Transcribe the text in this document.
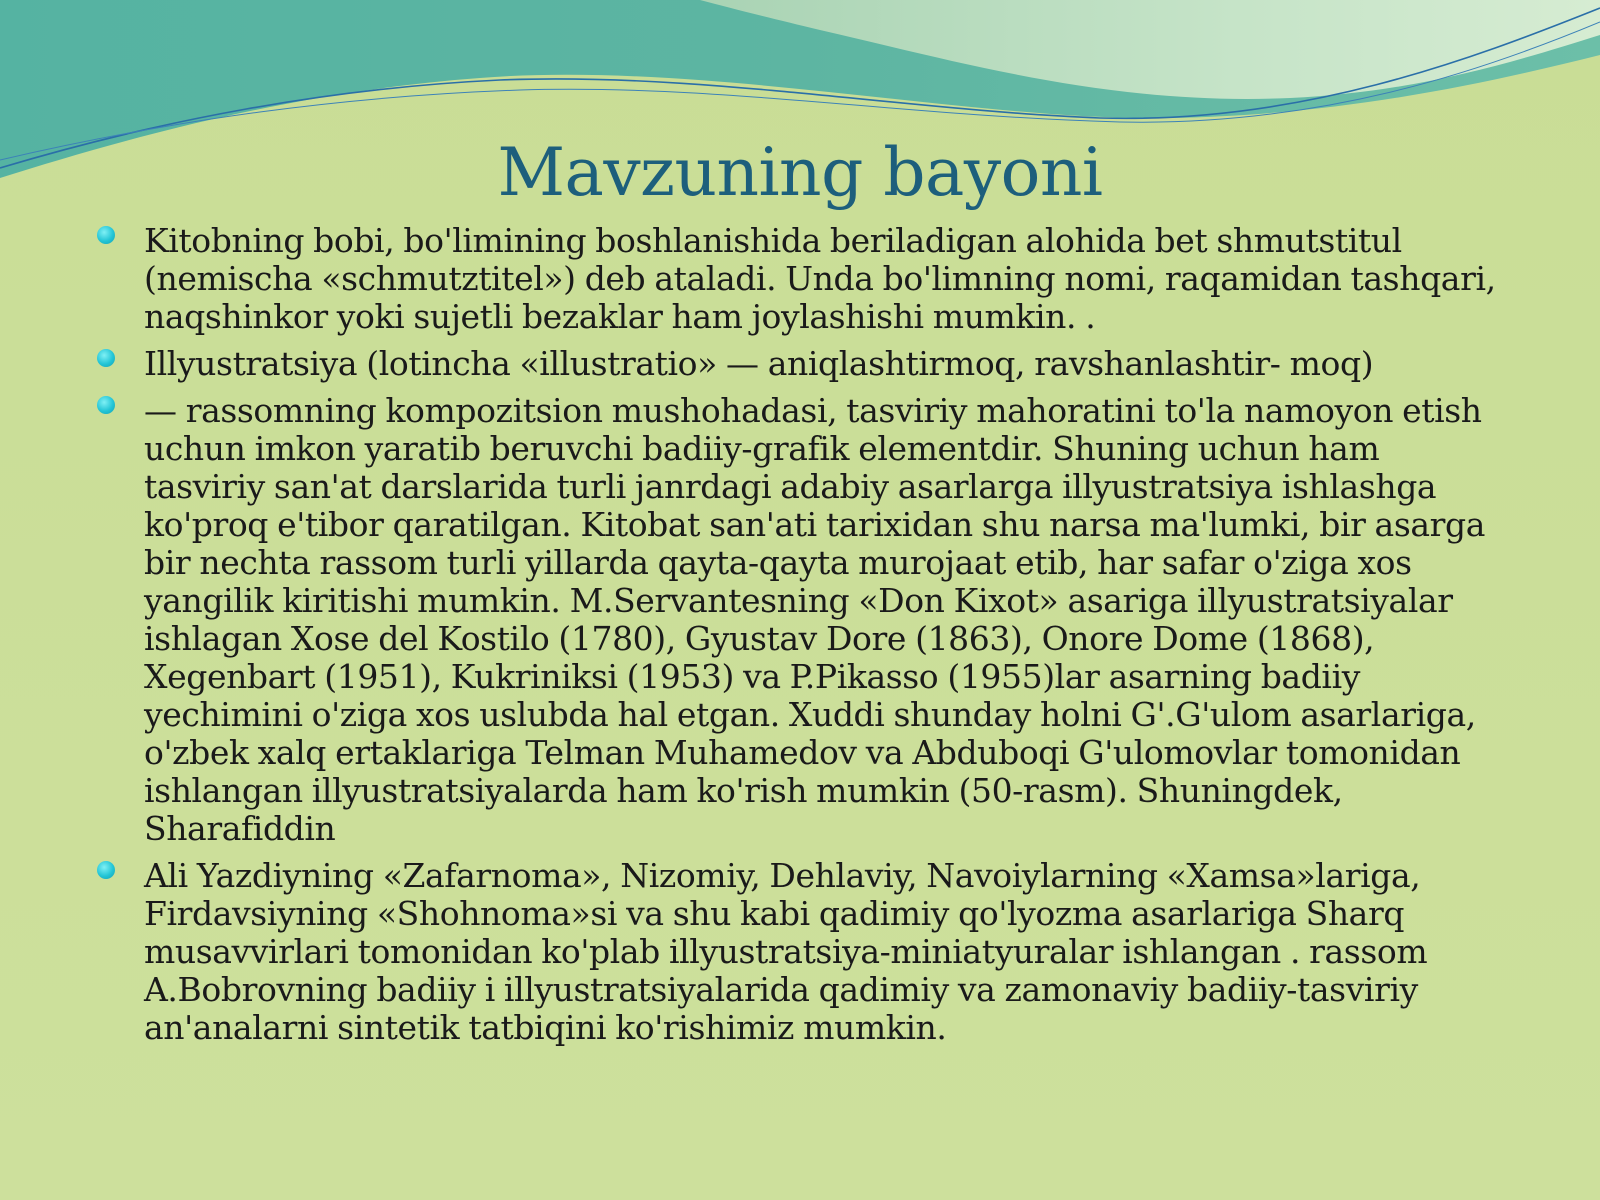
Mavzuning bayoni
Kitobning bobi, bo'limining boshlanishida beriladigan alohida bet shmutstitul (nemischa «schmutztitel») deb ataladi. Unda bo'limning nomi, raqamidan tashqari, naqshinkor yoki sujetli bezaklar ham joylashishi mumkin. .
Illyustratsiya (lotincha «illustratio» — aniqlashtirmoq, ravshanlashtir- moq)
— rassomning kompozitsion mushohadasi, tasviriy mahoratini to'la namoyon etish uchun imkon yaratib beruvchi badiiy-grafik elementdir. Shuning uchun ham tasviriy san'at darslarida turli janrdagi adabiy asarlarga illyustratsiya ishlashga ko'proq e'tibor qaratilgan. Kitobat san'ati tarixidan shu narsa ma'lumki, bir asarga bir nechta rassom turli yillarda qayta-qayta murojaat etib, har safar o'ziga xos yangilik kiritishi mumkin. M.Servantesning «Don Kixot» asariga illyustratsiyalar ishlagan Xose del Kostilo (1780), Gyustav Dore (1863), Onore Dome (1868), Xegenbart (1951), Kukriniksi (1953) va P.Pikasso (1955)lar asarning badiiy yechimini o'ziga xos uslubda hal etgan. Xuddi shunday holni G'.G'ulom asarlariga, o'zbek xalq ertaklariga Telman Muhamedov va Abduboqi G'ulomovlar tomonidan ishlangan illyustratsiyalarda ham ko'rish mumkin (50-rasm). Shuningdek, Sharafiddin
Ali Yazdiyning «Zafarnoma», Nizomiy, Dehlaviy, Navoiylarning «Xamsa»lariga, Firdavsiyning «Shohnoma»si va shu kabi qadimiy qo'lyozma asarlariga Sharq musavvirlari tomonidan ko'plab illyustratsiya-miniatyuralar ishlangan . rassom A.Bobrovning badiiy i illyustratsiyalarida qadimiy va zamonaviy badiiy-tasviriy an'analarni sintetik tatbiqini ko'rishimiz mumkin.
